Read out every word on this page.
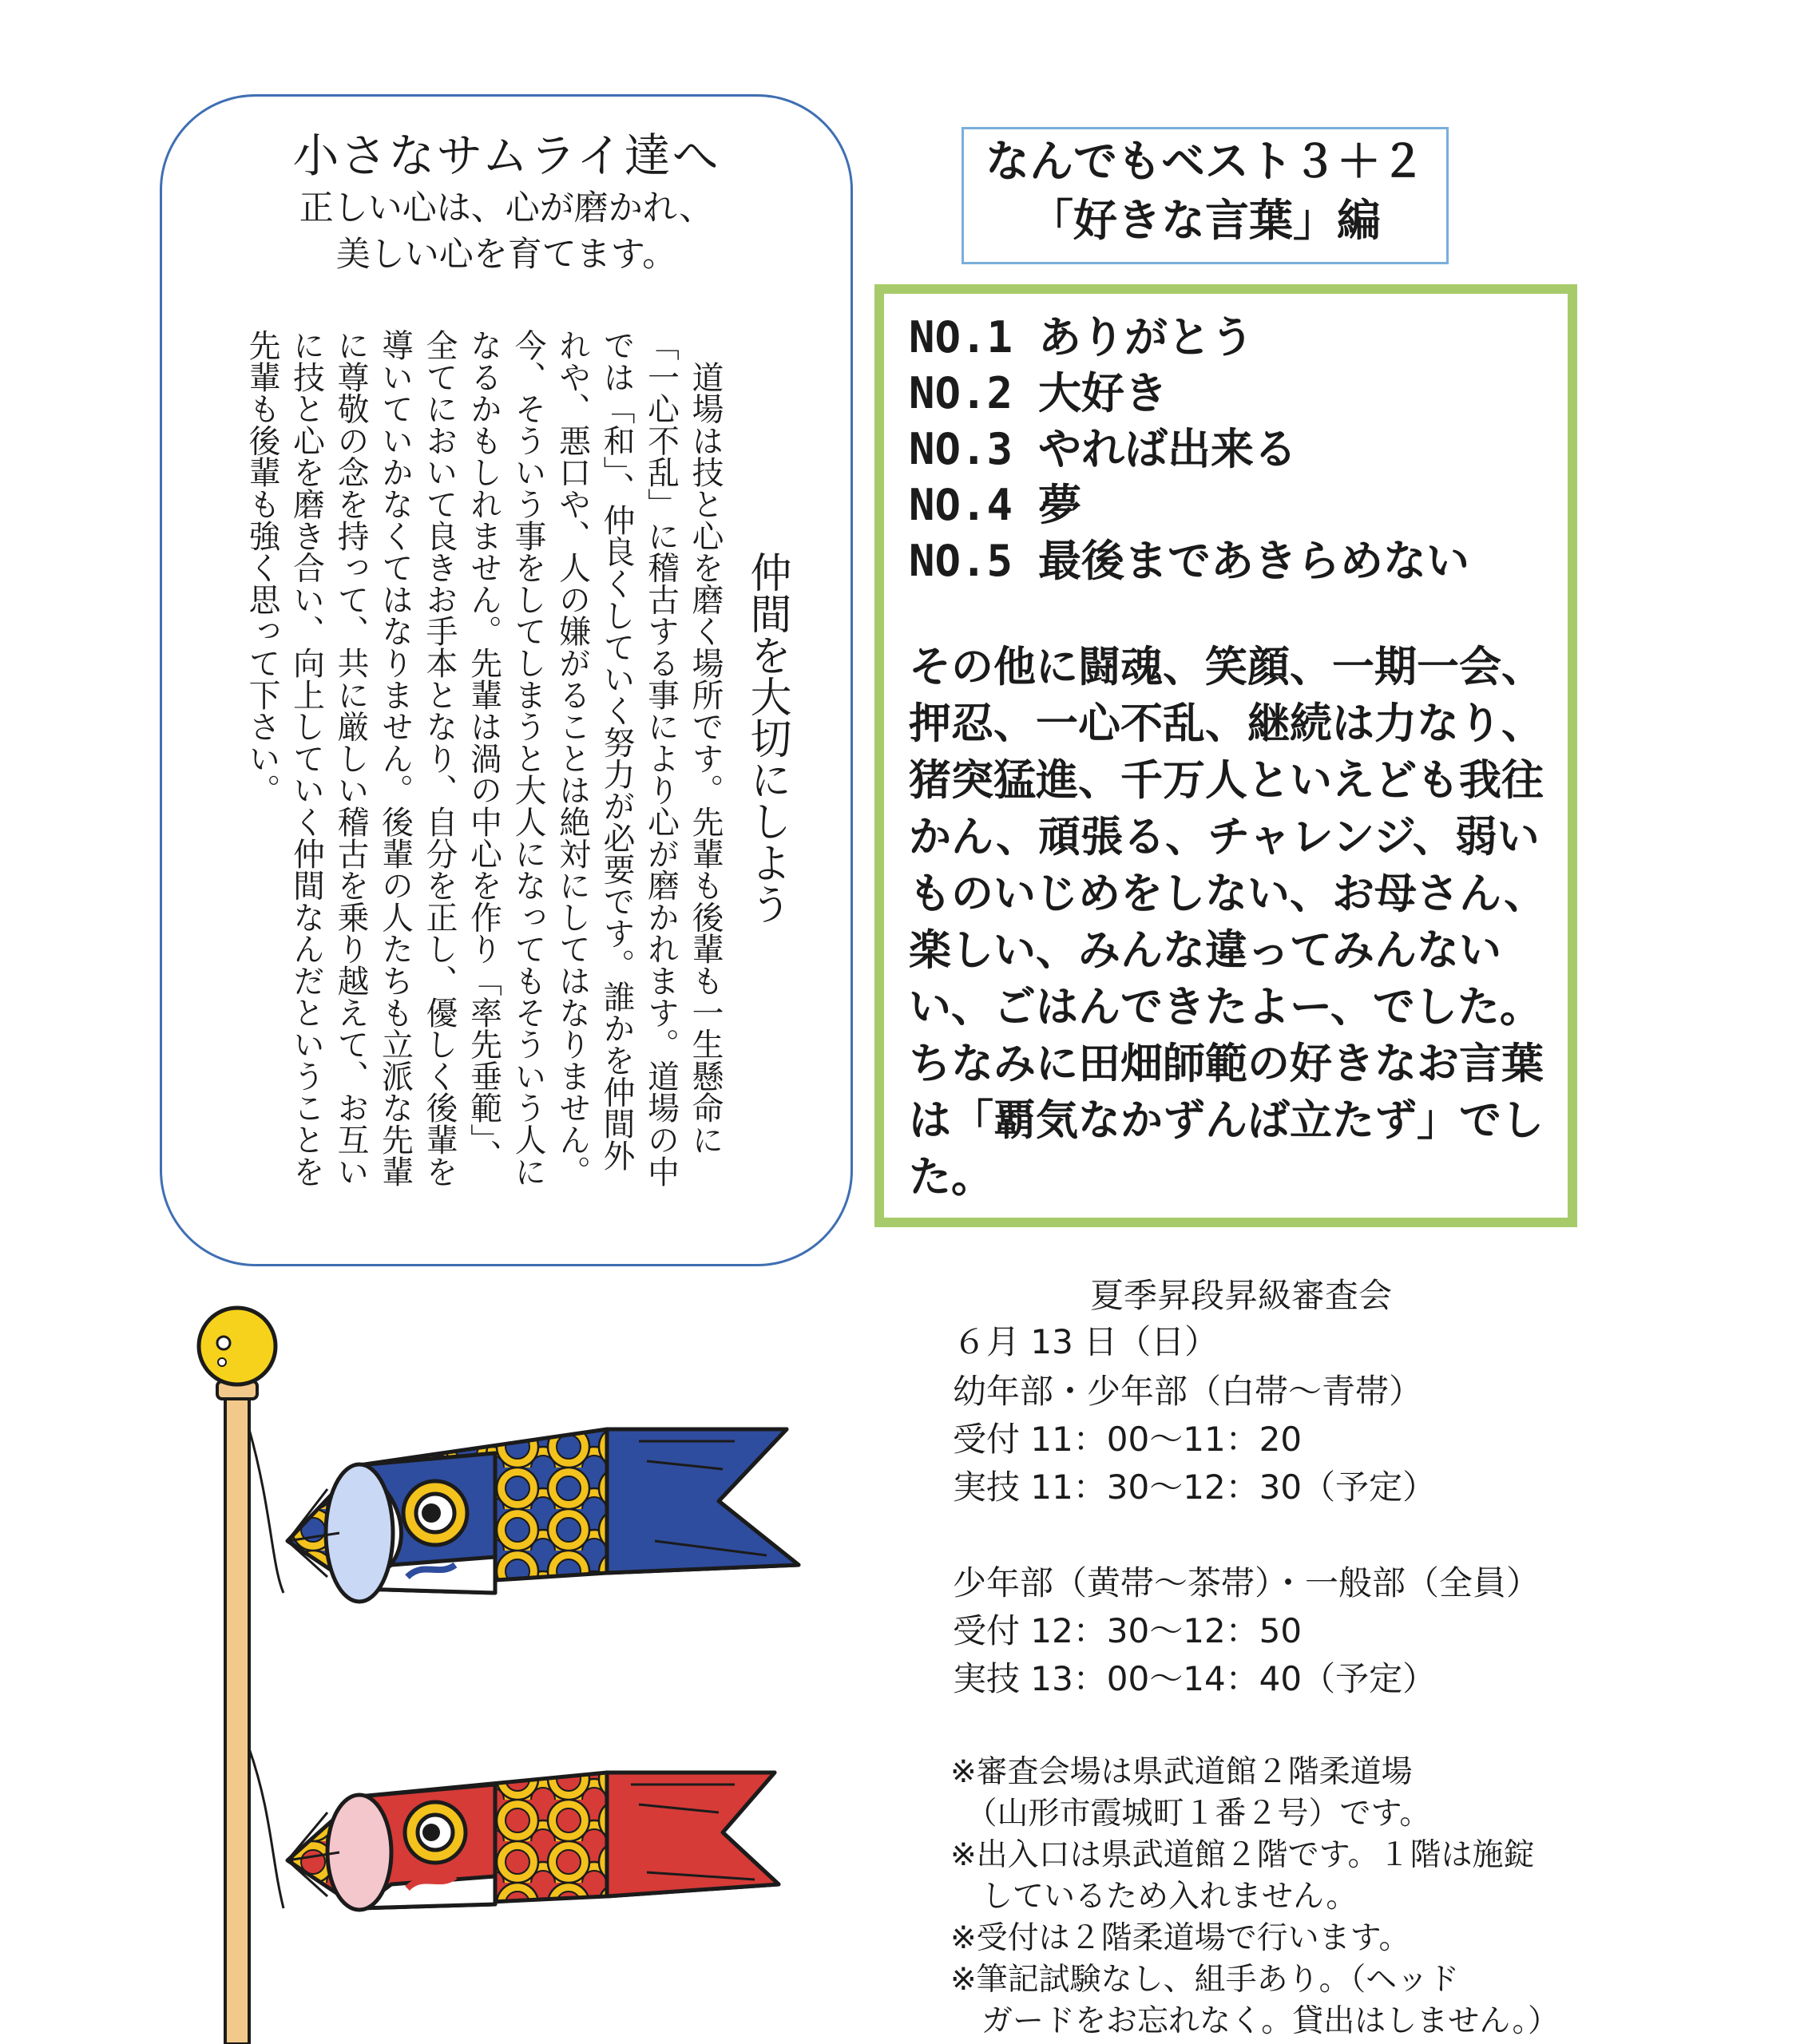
小さなサムライ達へ
正しい心は、心が磨かれ、
美しい心を育てます。
仲間を大切にしよう
　道場は技と心を磨く場所です。先輩も後輩も一生懸命に
「一心不乱」に稽古する事により心が磨かれます。道場の中
では「和」、仲良くしていく努力が必要です。誰かを仲間外
れや、悪口や、人の嫌がることは絶対にしてはなりません。
今、そういう事をしてしまうと大人になってもそういう人に
なるかもしれません。先輩は渦の中心を作り「率先垂範」、
全てにおいて良きお手本となり、自分を正し、優しく後輩を
導いていかなくてはなりません。後輩の人たちも立派な先輩
に尊敬の念を持って、共に厳しい稽古を乗り越えて、お互い
に技と心を磨き合い、向上していく仲間なんだということを
先輩も後輩も強く思って下さい。
なんでもベスト３＋２
「好きな言葉」編
NO.1 ありがとう
NO.2 大好き
NO.3 やれば出来る
NO.4 夢
NO.5 最後まであきらめない
その他に闘魂、笑顔、一期一会、押忍、一心不乱、継続は力なり、猪突猛進、千万人といえども我往かん、頑張る、チャレンジ、弱いものいじめをしない、お母さん、楽しい、みんな違ってみんないい、ごはんできたよー、でした。ちなみに田畑師範の好きなお言葉は「覇気なかずんば立たず」でした。
夏季昇段昇級審査会
６月 13 日（日）
幼年部・少年部（白帯～青帯）
受付 11：00～11：20
実技 11：30～12：30（予定）
少年部（黄帯～茶帯）・一般部（全員）
受付 12：30～12：50
実技 13：00～14：40（予定）
※審査会場は県武道館２階柔道場
　（山形市霞城町１番２号）です。
※出入口は県武道館２階です。１階は施錠
　しているため入れません。
※受付は２階柔道場で行います。
※筆記試験なし、組手あり。（ヘッド
　ガードをお忘れなく。貸出はしません。）
